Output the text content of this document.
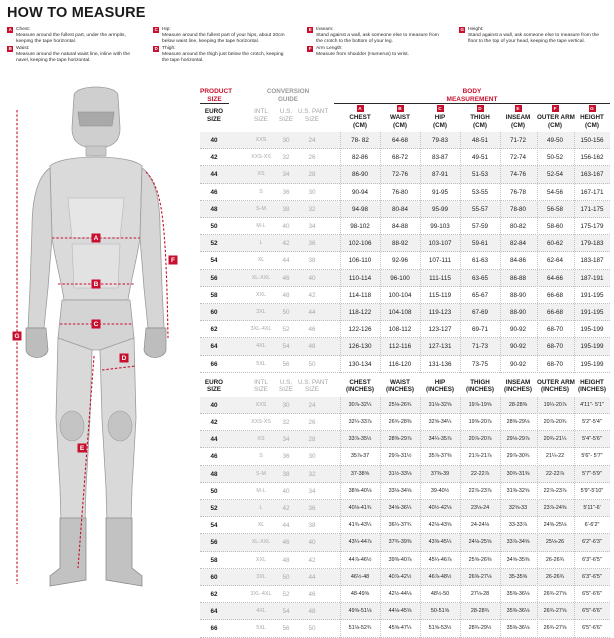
HOW TO MEASURE
A Chest:
Measure around the fullest part, under the armpits, keeping the tape horizontal.
B Waist:
Measure around the natural waist line, inline with the navel, keeping the tape horizontal.
C Hip:
Measure around the fullest part of your hips, about 20cm below waist line, keeping the tape horizontal.
D Thigh:
Measure around the thigh just below the crotch, keeping the tape horizontal.
E Inseam:
Stand against a wall, ask someone else to measure from the crotch to the bottom of your leg.
F Arm Length:
Measure from shoulder (Humerus) to wrist.
G Height:
Stand against a wall, ask someone else to measure from the floor to the top of your head, keeping the tape vertical.
A
B
C
D
E
F
G
PRODUCT
SIZE
CONVERSION
GUIDE
BODY
MEASUREMENT
EURO
SIZE
INTL
SIZE
U.S.
SIZE
U.S. PANT
SIZE	CHEST
(CM)
A
WAIST
(CM)
B
HIP
(CM)
C
THIGH
(CM)
D
INSEAM
(CM)
E
OUTER ARM
(CM)
F
HEIGHT
(CM)
G
40	XXS	30	24	78- 82	64-68	79-83	48-51	71-72	49-50	150-156
42	XXS-XS	32	26	82-86	68-72	83-87	49-51	72-74	50-52	156-162
44	XS	34	28	86-90	72-76	87-91	51-53	74-76	52-54	163-167
46	S	36	30	90-94	76-80	91-95	53-55	76-78	54-56	167-171
48	S-M	38	32	94-98	80-84	95-99	55-57	78-80	56-58	171-175
50	M-L	40	34	98-102	84-88	99-103	57-59	80-82	58-60	175-179
52	L	42	36	102-106	88-92	103-107	59-61	82-84	60-62	179-183
54	XL	44	38	106-110	92-96	107-111	61-63	84-86	62-64	183-187
56	XL-XXL	46	40	110-114	96-100	111-115	63-65	86-88	64-66	187-191
58	XXL	48	42	114-118	100-104	115-119	65-67	88-90	66-68	191-195
60	3XL	50	44	118-122	104-108	119-123	67-69	88-90	66-68	191-195
62	3XL-4XL	52	46	122-126	108-112	123-127	69-71	90-92	68-70	195-199
64	4XL	54	48	126-130	112-116	127-131	71-73	90-92	68-70	195-199
66	5XL	56	50	130-134	116-120	131-136	73-75	90-92	68-70	195-199
EURO
SIZE
INTL
SIZE
U.S.
SIZE
U.S. PANT
SIZE
CHEST
(INCHES)
WAIST
(INCHES)
HIP
(INCHES)
THIGH
(INCHES)
INSEAM
(INCHES)
OUTER ARM
(INCHES)
HEIGHT
(INCHES)
40	XXS	30	24	30⅞-32¼	25⅛-26¾	31⅛-32⅝	19⅞-19⅝	28-28⅜	19¼-20⅞	4'11"- 5'1"
42	XXS-XS	32	26	32¼-33⅞	26¾-28⅜	32⅝-34¼	19⅝-20⅞	28⅜-29⅛	20⅞-20¾	5'2"-5'4"
44	XS	34	28	33⅞-35½	28⅜-29⅞	34¼-35⅞	20⅞-20⅞	29⅛-29⅞	20¾-21¼	5'4"-5'6"
46	S	36	30	35⅞-37	29⅞-31½	35⅞-37⅜	21⅞-21⅞	29⅞-30¾	21¼-22	5'6"- 5'7"
48	S-M	38	32	37-38⅝	31½-33⅛	37⅜-39	22-22⅞	30¾-31⅜	22-22⅞	5'7"-5'9"
50	M-L	40	34	38⅝-40⅛	33⅛-34⅝	39-40½	22⅞-23⅞	31⅜-32⅝	22⅞-23⅞	5'9"-5'10"
52	L	42	36	40⅛-41¾	34⅝-36¼	40½-42⅛	23⅛-24	32⅝-33	23⅞-24⅜	5'11"-6'
54	XL	44	38	41¾-43¼	36¼-37¾	42⅛-43⅝	24-24⅛	33-33⅞	24⅜-25⅛	6'-6'2"
56	XL-XXL	46	40	43¼-44⅞	37¾-39⅜	43⅝-45¼	24⅛-25⅝	33⅞-34⅝	25⅛-26	6'2"-6'3"
58	XXL	48	42	44⅞-46½	39⅜-40⅞	45¼-46⅞	25⅝-26⅜	34⅝-35⅜	26-26¾	6'3"-6'5"
60	3XL	50	44	46½-48	40⅞-42½	46⅞-48½	26⅜-27⅛	35-35⅜	26-26¾	6'3"-6'5"
62	3XL-4XL	52	46	48-49⅝	42½-44⅛	48½-50	27⅛-28	35⅜-36⅛	26¾-27⅝	6'5"-6'6"
64	4XL	54	48	49⅝-51⅛	44⅛-45⅝	50-51⅝	28-28¾	35⅜-36⅛	26¾-27⅝	6'5"-6'6"
66	5XL	56	50	51⅛-52¾	45⅝-47¼	51⅝-53½	28¾-29½	35⅜-36⅛	26¾-27⅝	6'5"-6'6"
